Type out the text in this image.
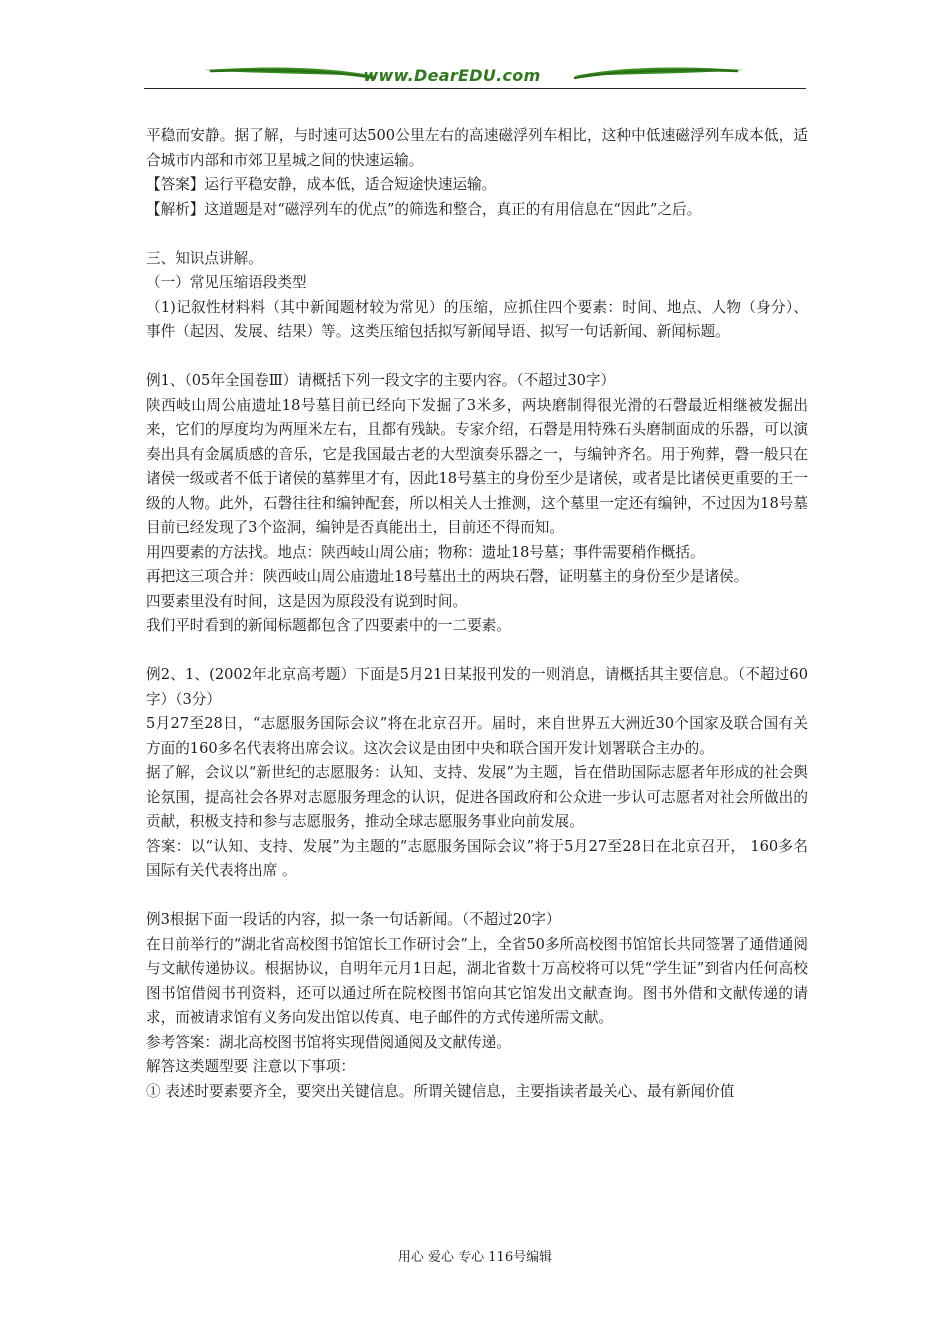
www.DearEDU.com

平稳而安静。据了解，与时速可达500公里左右的高速磁浮列车相比，这种中低速磁浮列车成本低，适合城市内部和市郊卫星城之间的快速运输。

【答案】运行平稳安静，成本低，适合短途快速运输。

【解析】这道题是对“磁浮列车的优点”的筛选和整合，真正的有用信息在“因此”之后。

三、知识点讲解。

（一）常见压缩语段类型

（1)记叙性材料料（其中新闻题材较为常见）的压缩，应抓住四个要素：时间、地点、人物（身分）、事件（起因、发展、结果）等。这类压缩包括拟写新闻导语、拟写一句话新闻、新闻标题。

例1、（05年全国卷Ⅲ）请概括下列一段文字的主要内容。（不超过30字）

陕西岐山周公庙遗址18号墓目前已经向下发掘了3米多，两块磨制得很光滑的石磬最近相继被发掘出来，它们的厚度均为两厘米左右，且都有残缺。专家介绍，石磬是用特殊石头磨制面成的乐器，可以演奏出具有金属质感的音乐，它是我国最古老的大型演奏乐器之一，与编钟齐名。用于殉葬，磬一般只在诸侯一级或者不低于诸侯的墓葬里才有，因此18号墓主的身份至少是诸侯，或者是比诸侯更重要的王一级的人物。此外，石磬往往和编钟配套，所以相关人士推测，这个墓里一定还有编钟，不过因为18号墓目前已经发现了3个盗洞，编钟是否真能出土，目前还不得而知。

用四要素的方法找。地点：陕西岐山周公庙；物称：遗址18号墓；事件需要稍作概括。

再把这三项合并：陕西岐山周公庙遗址18号墓出土的两块石磬，证明墓主的身份至少是诸侯。

四要素里没有时间，这是因为原段没有说到时间。

我们平时看到的新闻标题都包含了四要素中的一二要素。

例2、1、(2002年北京高考题）下面是5月21日某报刊发的一则消息，请概括其主要信息。（不超过60字）（3分）

5月27至28日，“志愿服务国际会议”将在北京召开。届时，来自世界五大洲近30个国家及联合国有关方面的160多名代表将出席会议。这次会议是由团中央和联合国开发计划署联合主办的。

据了解，会议以“新世纪的志愿服务：认知、支持、发展”为主题，旨在借助国际志愿者年形成的社会舆论氛围，提高社会各界对志愿服务理念的认识，促进各国政府和公众进一步认可志愿者对社会所做出的贡献，积极支持和参与志愿服务，推动全球志愿服务事业向前发展。

答案：以“认知、支持、发展”为主题的“志愿服务国际会议”将于5月27至28日在北京召开， 160多名国际有关代表将出席 。

例3根据下面一段话的内容，拟一条一句话新闻。（不超过20字）

在日前举行的“湖北省高校图书馆馆长工作研讨会”上，全省50多所高校图书馆馆长共同签署了通借通阅与文献传递协议。根据协议，自明年元月1日起，湖北省数十万高校将可以凭“学生证”到省内任何高校图书馆借阅书刊资料，还可以通过所在院校图书馆向其它馆发出文献查询。图书外借和文献传递的请求，而被请求馆有义务向发出馆以传真、电子邮件的方式传递所需文献。

参考答案：湖北高校图书馆将实现借阅通阅及文献传递。

解答这类题型要 注意以下事项：

① 表述时要素要齐全，要突出关键信息。所谓关键信息，主要指读者最关心、最有新闻价值

用心 爱心 专心 116号编辑
